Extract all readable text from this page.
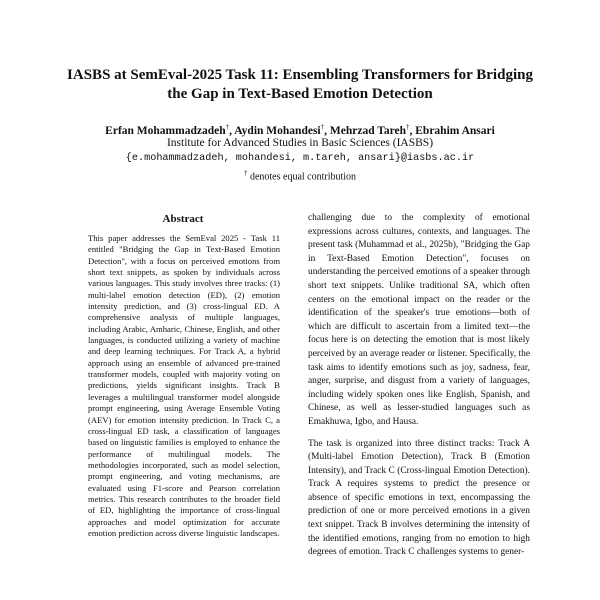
IASBS at SemEval-2025 Task 11: Ensembling Transformers for Bridging the Gap in Text-Based Emotion Detection
Erfan Mohammadzadeh†, Aydin Mohandesi†, Mehrzad Tareh†, Ebrahim Ansari
Institute for Advanced Studies in Basic Sciences (IASBS)
{e.mohammadzadeh, mohandesi, m.tareh, ansari}@iasbs.ac.ir
† denotes equal contribution
Abstract
This paper addresses the SemEval 2025 - Task 11 entitled "Bridging the Gap in Text-Based Emotion Detection", with a focus on perceived emotions from short text snippets, as spoken by individuals across various languages. This study involves three tracks: (1) multi-label emotion detection (ED), (2) emotion intensity prediction, and (3) cross-lingual ED. A comprehensive analysis of multiple languages, including Arabic, Amharic, Chinese, English, and other languages, is conducted utilizing a variety of machine and deep learning techniques. For Track A, a hybrid approach using an ensemble of advanced pre-trained transformer models, coupled with majority voting on predictions, yields significant insights. Track B leverages a multilingual transformer model alongside prompt engineering, using Average Ensemble Voting (AEV) for emotion intensity prediction. In Track C, a cross-lingual ED task, a classification of languages based on linguistic families is employed to enhance the performance of multilingual models. The methodologies incorporated, such as model selection, prompt engineering, and voting mechanisms, are evaluated using F1-score and Pearson correlation metrics. This research contributes to the broader field of ED, highlighting the importance of cross-lingual approaches and model optimization for accurate emotion prediction across diverse linguistic landscapes.

challenging due to the complexity of emotional expressions across cultures, contexts, and languages. The present task (Muhammad et al., 2025b), "Bridging the Gap in Text-Based Emotion Detection", focuses on understanding the perceived emotions of a speaker through short text snippets. Unlike traditional SA, which often centers on the emotional impact on the reader or the identification of the speaker's true emotions—both of which are difficult to ascertain from a limited text—the focus here is on detecting the emotion that is most likely perceived by an average reader or listener. Specifically, the task aims to identify emotions such as joy, sadness, fear, anger, surprise, and disgust from a variety of languages, including widely spoken ones like English, Spanish, and Chinese, as well as lesser-studied languages such as Emakhuwa, Igbo, and Hausa.

The task is organized into three distinct tracks: Track A (Multi-label Emotion Detection), Track B (Emotion Intensity), and Track C (Cross-lingual Emotion Detection). Track A requires systems to predict the presence or absence of specific emotions in text, encompassing the prediction of one or more perceived emotions in a given text snippet. Track B involves determining the intensity of the identified emotions, ranging from no emotion to high degrees of emotion. Track C challenges systems to gener-
